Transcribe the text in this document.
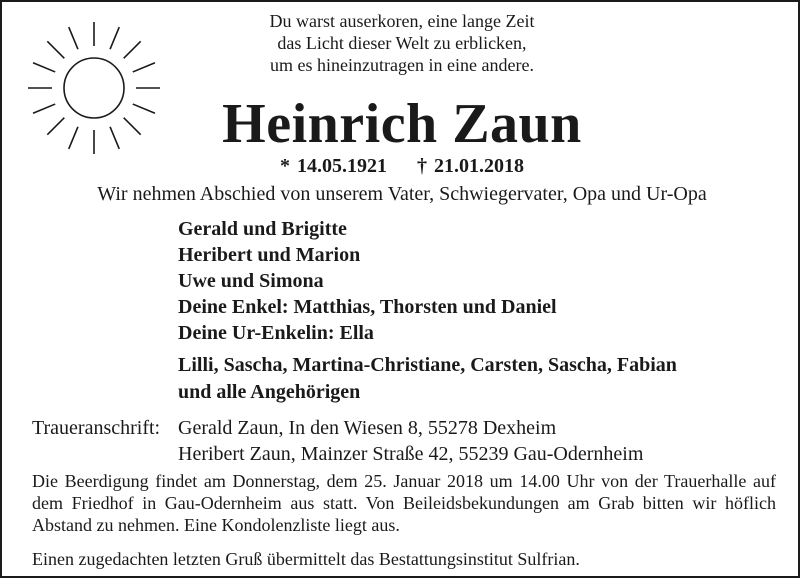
Du warst auserkoren, eine lange Zeit
das Licht dieser Welt zu erblicken,
um es hineinzutragen in eine andere.
Heinrich Zaun
* 14.05.1921 † 21.01.2018
Wir nehmen Abschied von unserem Vater, Schwiegervater, Opa und Ur-Opa
Gerald und Brigitte
Heribert und Marion
Uwe und Simona
Deine Enkel: Matthias, Thorsten und Daniel
Deine Ur-Enkelin: Ella
Lilli, Sascha, Martina-Christiane, Carsten, Sascha, Fabian
und alle Angehörigen
Traueranschrift: Gerald Zaun, In den Wiesen 8, 55278 Dexheim
Heribert Zaun, Mainzer Straße 42, 55239 Gau-Odernheim
Die Beerdigung findet am Donnerstag, dem 25. Januar 2018 um 14.00 Uhr von der Trauerhalle auf dem Friedhof in Gau-Odernheim aus statt. Von Beileidsbekundungen am Grab bitten wir höflich Abstand zu nehmen. Eine Kondolenzliste liegt aus.
Einen zugedachten letzten Gruß übermittelt das Bestattungsinstitut Sulfrian.
